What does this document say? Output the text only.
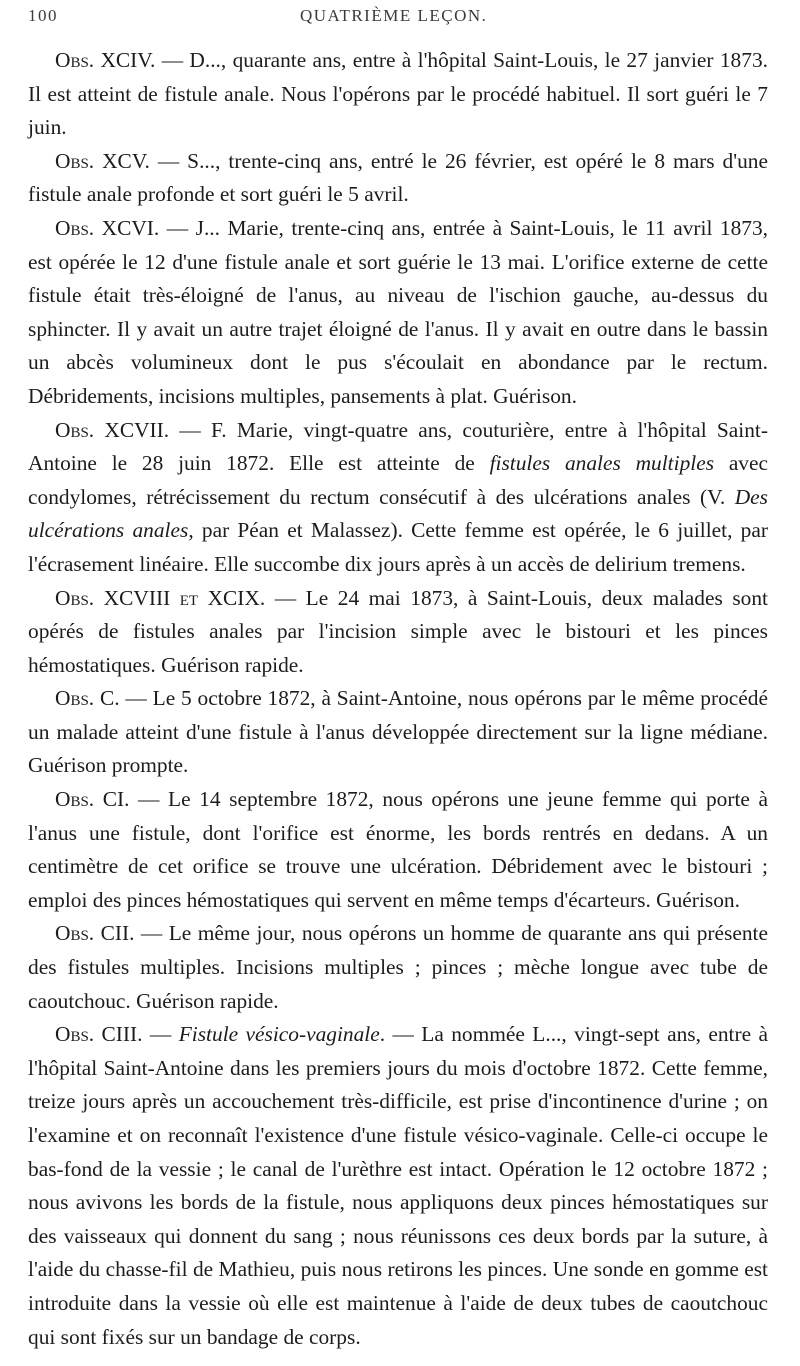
100	QUATRIÈME LEÇON.

Obs. XCIV. — D..., quarante ans, entre à l'hôpital Saint-Louis, le 27 janvier 1873. Il est atteint de fistule anale. Nous l'opérons par le procédé habituel. Il sort guéri le 7 juin.

Obs. XCV. — S..., trente-cinq ans, entré le 26 février, est opéré le 8 mars d'une fistule anale profonde et sort guéri le 5 avril.

Obs. XCVI. — J... Marie, trente-cinq ans, entrée à Saint-Louis, le 11 avril 1873, est opérée le 12 d'une fistule anale et sort guérie le 13 mai. L'orifice externe de cette fistule était très-éloigné de l'anus, au niveau de l'ischion gauche, au-dessus du sphincter. Il y avait un autre trajet éloigné de l'anus. Il y avait en outre dans le bassin un abcès volumineux dont le pus s'écoulait en abondance par le rectum. Débridements, incisions multiples, pansements à plat. Guérison.

Obs. XCVII. — F. Marie, vingt-quatre ans, couturière, entre à l'hôpital Saint-Antoine le 28 juin 1872. Elle est atteinte de fistules anales multiples avec condylomes, rétrécissement du rectum consécutif à des ulcérations anales (V. Des ulcérations anales, par Péan et Malassez). Cette femme est opérée, le 6 juillet, par l'écrasement linéaire. Elle succombe dix jours après à un accès de delirium tremens.

Obs. XCVIII et XCIX. — Le 24 mai 1873, à Saint-Louis, deux malades sont opérés de fistules anales par l'incision simple avec le bistouri et les pinces hémostatiques. Guérison rapide.

Obs. C. — Le 5 octobre 1872, à Saint-Antoine, nous opérons par le même procédé un malade atteint d'une fistule à l'anus développée directement sur la ligne médiane. Guérison prompte.

Obs. CI. — Le 14 septembre 1872, nous opérons une jeune femme qui porte à l'anus une fistule, dont l'orifice est énorme, les bords rentrés en dedans. A un centimètre de cet orifice se trouve une ulcération. Débridement avec le bistouri ; emploi des pinces hémostatiques qui servent en même temps d'écarteurs. Guérison.

Obs. CII. — Le même jour, nous opérons un homme de quarante ans qui présente des fistules multiples. Incisions multiples ; pinces ; mèche longue avec tube de caoutchouc. Guérison rapide.

Obs. CIII. — Fistule vésico-vaginale. — La nommée L..., vingt-sept ans, entre à l'hôpital Saint-Antoine dans les premiers jours du mois d'octobre 1872. Cette femme, treize jours après un accouchement très-difficile, est prise d'incontinence d'urine ; on l'examine et on reconnaît l'existence d'une fistule vésico-vaginale. Celle-ci occupe le bas-fond de la vessie ; le canal de l'urèthre est intact. Opération le 12 octobre 1872 ; nous avivons les bords de la fistule, nous appliquons deux pinces hémostatiques sur des vaisseaux qui donnent du sang ; nous réunissons ces deux bords par la suture, à l'aide du chasse-fil de Mathieu, puis nous retirons les pinces. Une sonde en gomme est introduite dans la vessie où elle est maintenue à l'aide de deux tubes de caoutchouc qui sont fixés sur un bandage de corps.
